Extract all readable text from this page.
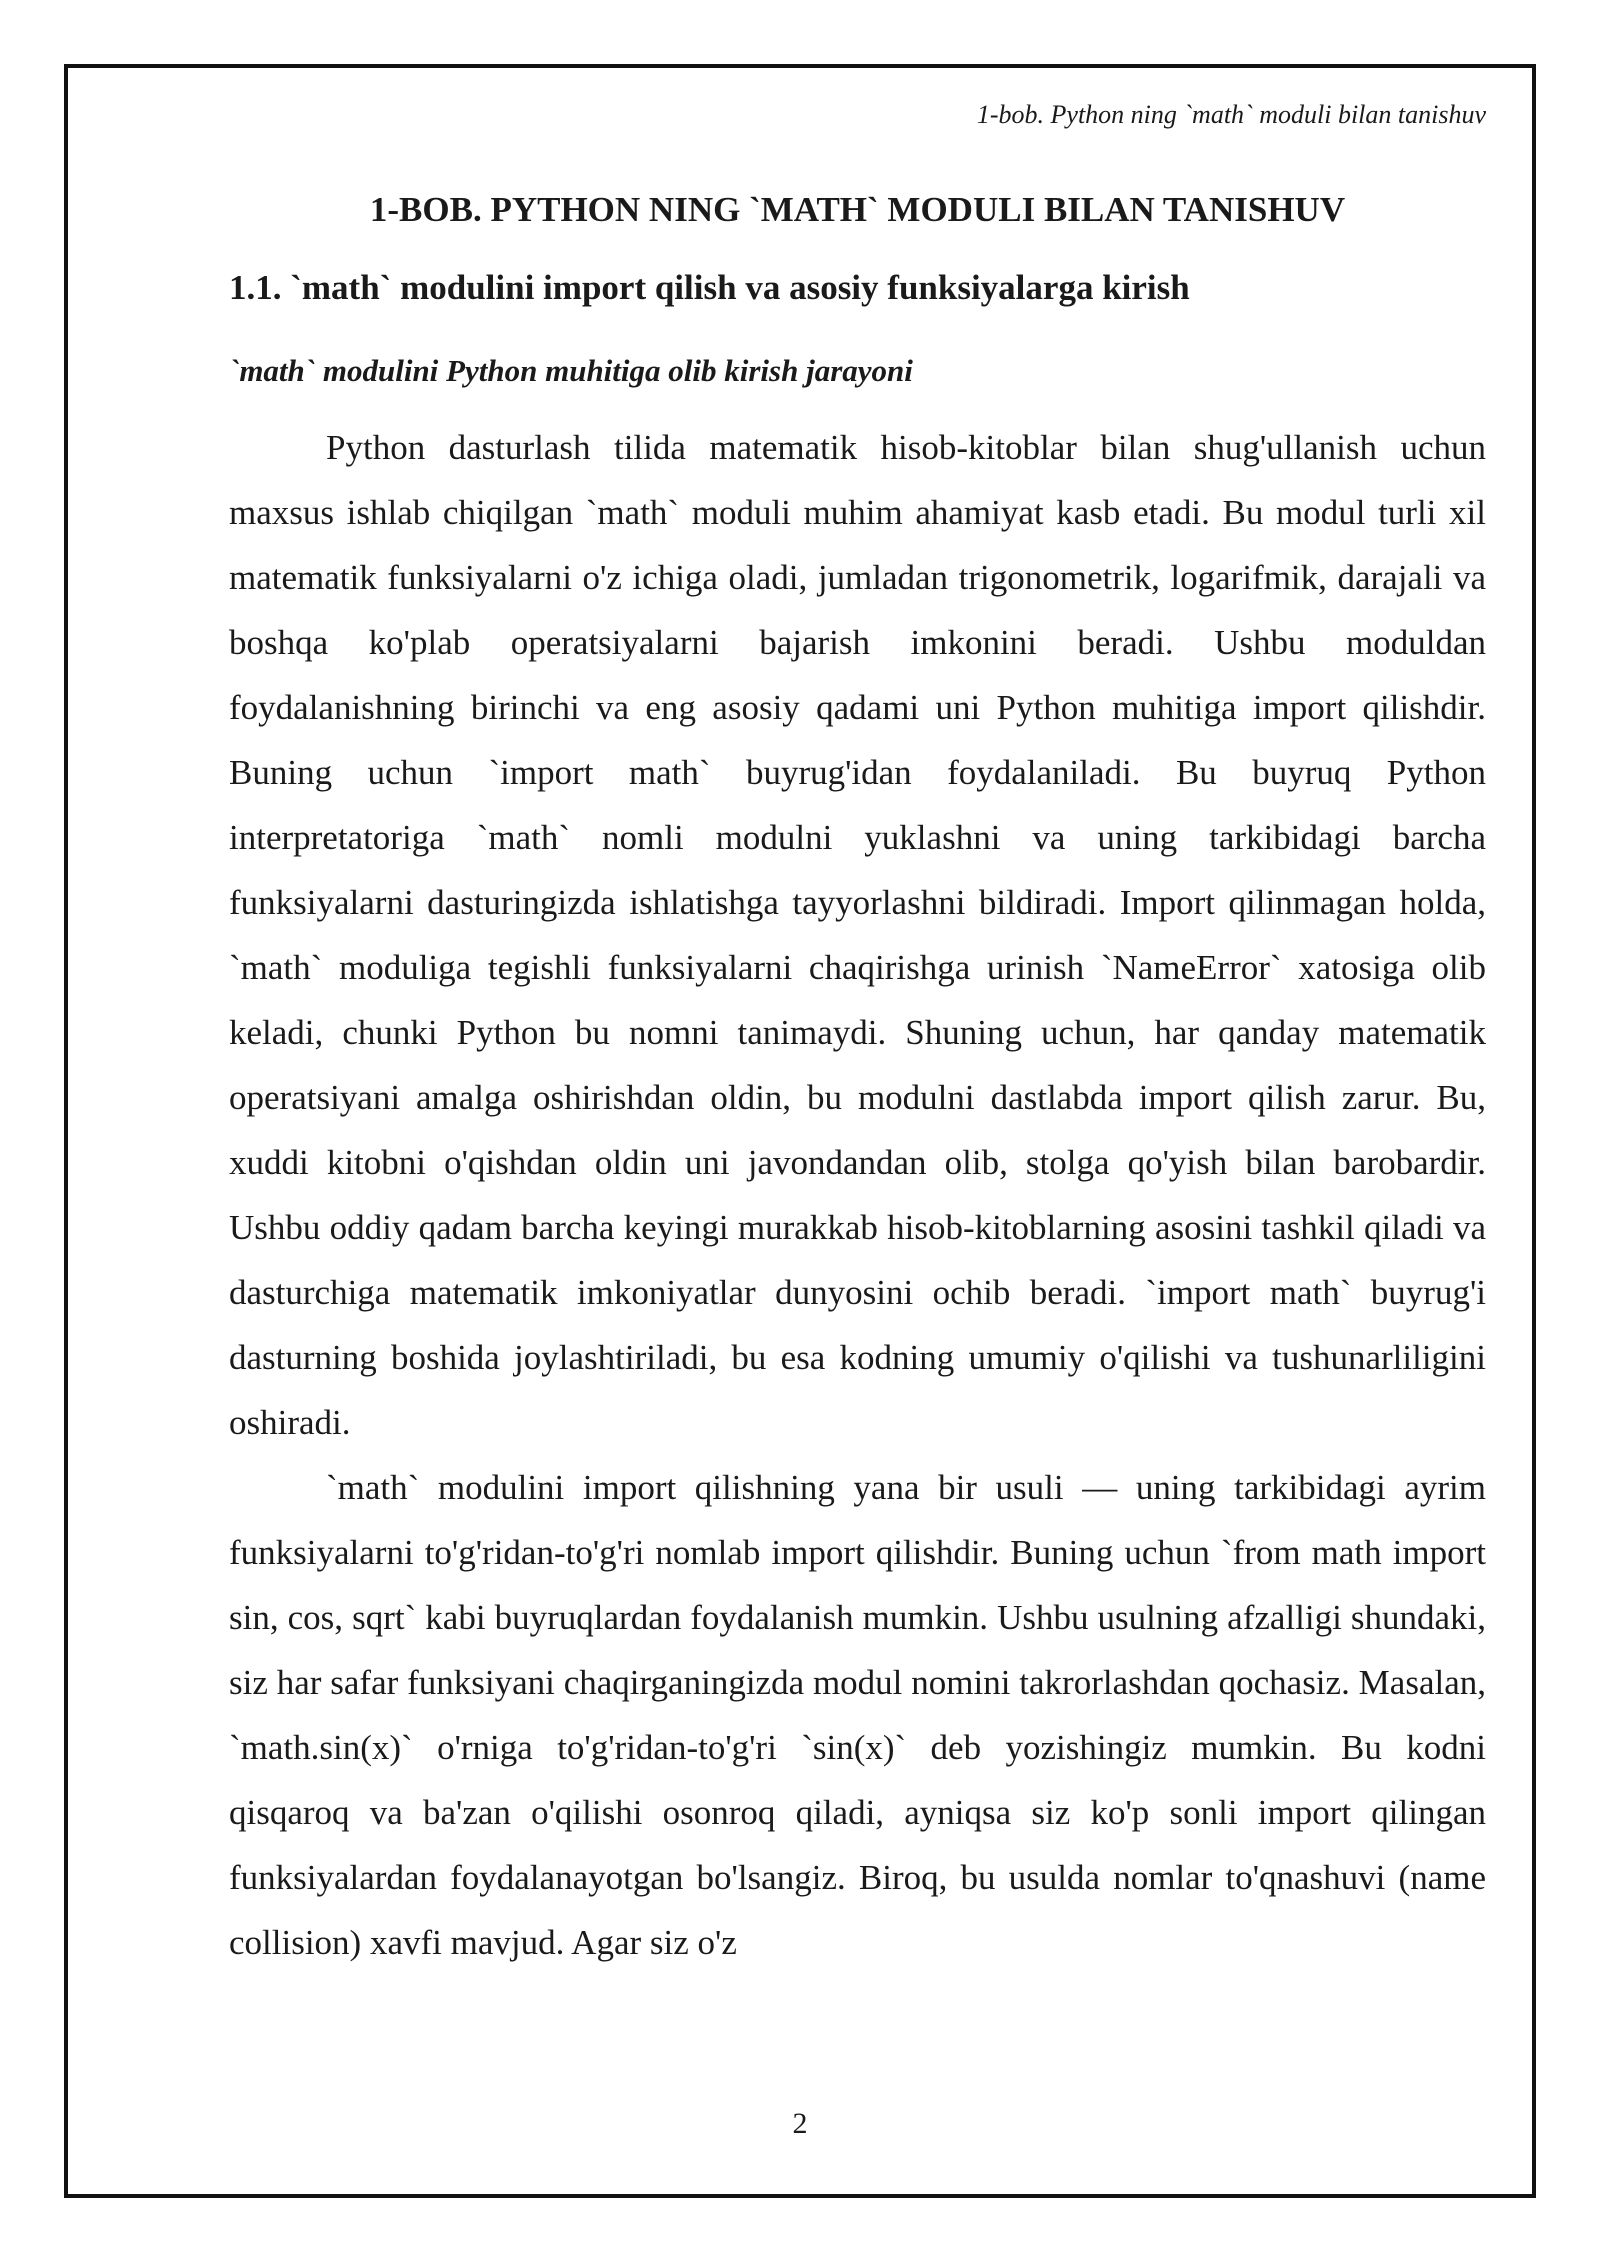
1-bob. Python ning `math` moduli bilan tanishuv
1-BOB. PYTHON NING `MATH` MODULI BILAN TANISHUV
1.1. `math` modulini import qilish va asosiy funksiyalarga kirish
`math` modulini Python muhitiga olib kirish jarayoni

Python dasturlash tilida matematik hisob-kitoblar bilan shug'ullanish uchun maxsus ishlab chiqilgan `math` moduli muhim ahamiyat kasb etadi. Bu modul turli xil matematik funksiyalarni o'z ichiga oladi, jumladan trigonometrik, logarifmik, darajali va boshqa ko'plab operatsiyalarni bajarish imkonini beradi. Ushbu moduldan foydalanishning birinchi va eng asosiy qadami uni Python muhitiga import qilishdir. Buning uchun `import math` buyrug'idan foydalaniladi. Bu buyruq Python interpretatoriga `math` nomli modulni yuklashni va uning tarkibidagi barcha funksiyalarni dasturingizda ishlatishga tayyorlashni bildiradi. Import qilinmagan holda, `math` moduliga tegishli funksiyalarni chaqirishga urinish `NameError` xatosiga olib keladi, chunki Python bu nomni tanimaydi. Shuning uchun, har qanday matematik operatsiyani amalga oshirishdan oldin, bu modulni dastlabda import qilish zarur. Bu, xuddi kitobni o'qishdan oldin uni javondandan olib, stolga qo'yish bilan barobardir. Ushbu oddiy qadam barcha keyingi murakkab hisob-kitoblarning asosini tashkil qiladi va dasturchiga matematik imkoniyatlar dunyosini ochib beradi. `import math` buyrug'i dasturning boshida joylashtiriladi, bu esa kodning umumiy o'qilishi va tushunarliligini oshiradi.

`math` modulini import qilishning yana bir usuli — uning tarkibidagi ayrim funksiyalarni to'g'ridan-to'g'ri nomlab import qilishdir. Buning uchun `from math import sin, cos, sqrt` kabi buyruqlardan foydalanish mumkin. Ushbu usulning afzalligi shundaki, siz har safar funksiyani chaqirganingizda modul nomini takrorlashdan qochasiz. Masalan, `math.sin(x)` o'rniga to'g'ridan-to'g'ri `sin(x)` deb yozishingiz mumkin. Bu kodni qisqaroq va ba'zan o'qilishi osonroq qiladi, ayniqsa siz ko'p sonli import qilingan funksiyalardan foydalanayotgan bo'lsangiz. Biroq, bu usulda nomlar to'qnashuvi (name collision) xavfi mavjud. Agar siz o'z

2
